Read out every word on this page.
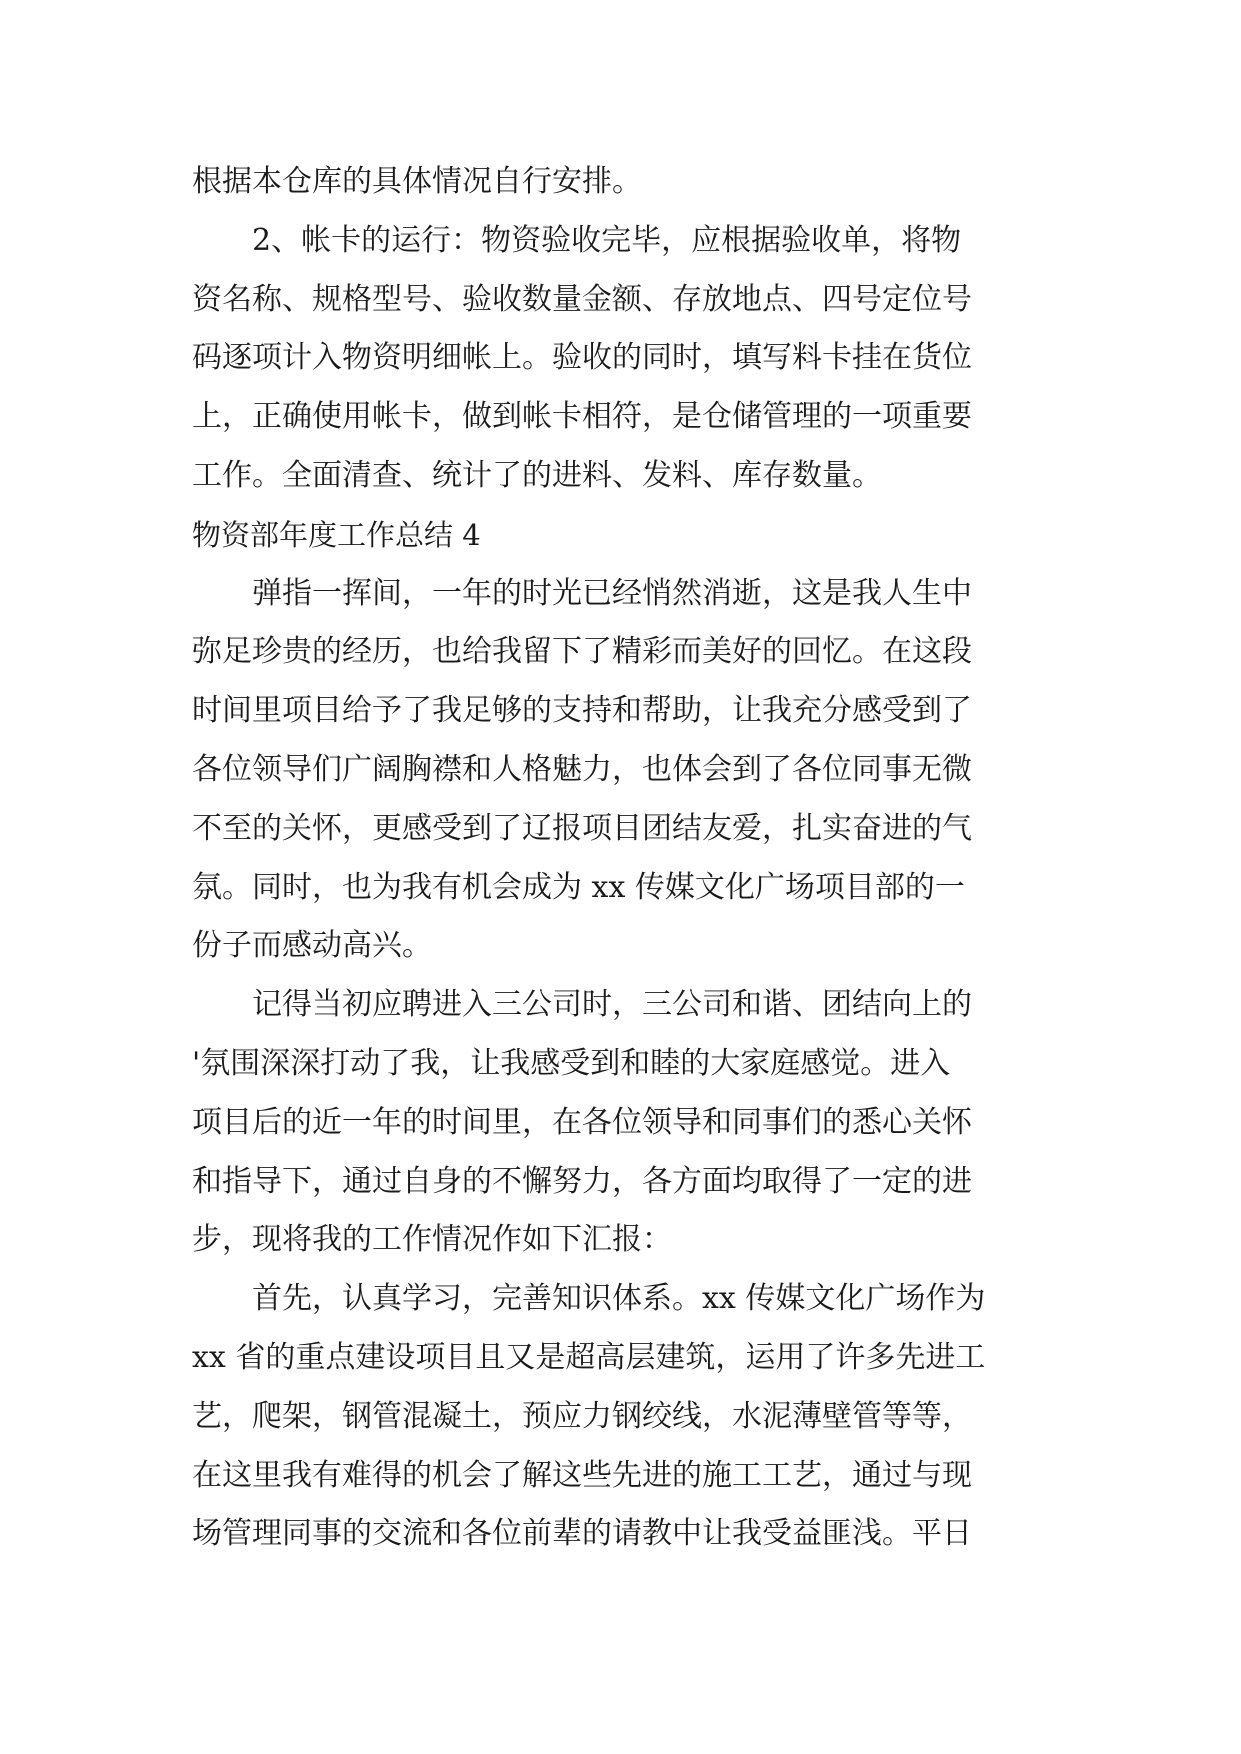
根据本仓库的具体情况自行安排。
2、帐卡的运行：物资验收完毕，应根据验收单，将物
资名称、规格型号、验收数量金额、存放地点、四号定位号
码逐项计入物资明细帐上。验收的同时，填写料卡挂在货位
上，正确使用帐卡，做到帐卡相符，是仓储管理的一项重要
工作。全面清查、统计了的进料、发料、库存数量。
物资部年度工作总结 4
弹指一挥间，一年的时光已经悄然消逝，这是我人生中
弥足珍贵的经历，也给我留下了精彩而美好的回忆。在这段
时间里项目给予了我足够的支持和帮助，让我充分感受到了
各位领导们广阔胸襟和人格魅力，也体会到了各位同事无微
不至的关怀，更感受到了辽报项目团结友爱，扎实奋进的气
氛。同时，也为我有机会成为 xx 传媒文化广场项目部的一
份子而感动高兴。
记得当初应聘进入三公司时，三公司和谐、团结向上的
'氛围深深打动了我，让我感受到和睦的大家庭感觉。进入
项目后的近一年的时间里，在各位领导和同事们的悉心关怀
和指导下，通过自身的不懈努力，各方面均取得了一定的进
步，现将我的工作情况作如下汇报：
首先，认真学习，完善知识体系。xx 传媒文化广场作为
xx 省的重点建设项目且又是超高层建筑，运用了许多先进工
艺，爬架，钢管混凝土，预应力钢绞线，水泥薄壁管等等，
在这里我有难得的机会了解这些先进的施工工艺，通过与现
场管理同事的交流和各位前辈的请教中让我受益匪浅。平日
